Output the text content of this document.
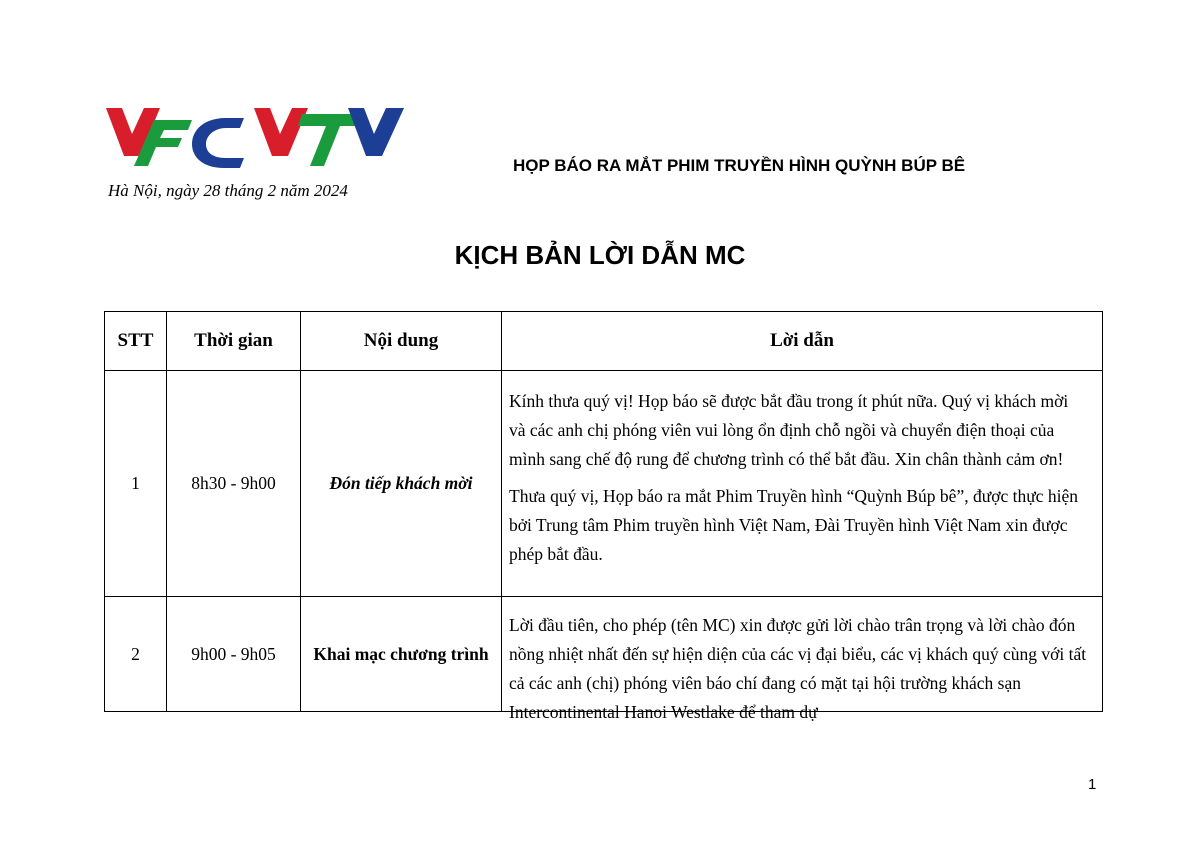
Hà Nội, ngày 28 tháng 2 năm 2024
HỌP BÁO RA MẮT PHIM TRUYỀN HÌNH QUỲNH BÚP BÊ
KỊCH BẢN LỜI DẪN MC
STT	Thời gian	Nội dung	Lời dẫn
1	8h30 - 9h00	Đón tiếp khách mời	Kính thưa quý vị! Họp báo sẽ được bắt đầu trong ít phút nữa. Quý vị khách mời và các anh chị phóng viên vui lòng ổn định chỗ ngồi và chuyển điện thoại của mình sang chế độ rung để chương trình có thể bắt đầu. Xin chân thành cảm ơn!

Thưa quý vị, Họp báo ra mắt Phim Truyền hình “Quỳnh Búp bê”, được thực hiện bởi Trung tâm Phim truyền hình Việt Nam, Đài Truyền hình Việt Nam xin được phép bắt đầu.

2	9h00 - 9h05	Khai mạc chương trình	Lời đầu tiên, cho phép (tên MC) xin được gửi lời chào trân trọng và lời chào đón nồng nhiệt nhất đến sự hiện diện của các vị đại biểu, các vị khách quý cùng với tất cả các anh (chị) phóng viên báo chí đang có mặt tại hội trường khách sạn Intercontinental Hanoi Westlake để tham dự

1
